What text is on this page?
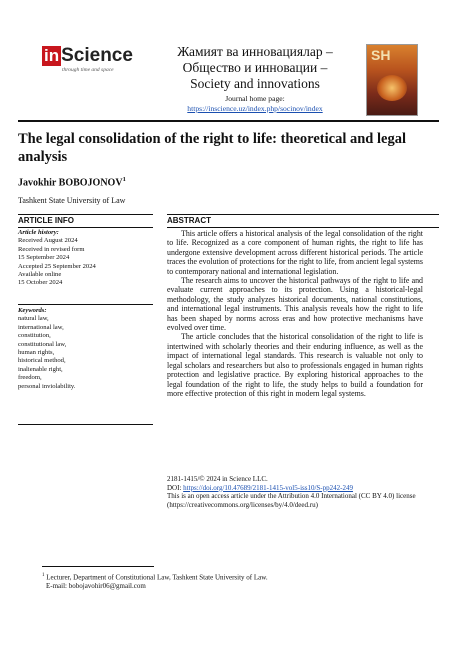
in Science
through time and space
Жамият ва инновациялар –
Общество и инновации –
Society and innovations
Journal home page:
https://inscience.uz/index.php/socinov/index
SH
The legal consolidation of the right to life: theoretical and legal analysis
Javokhir BOBOJONOV$^1$
Tashkent State University of Law
ARTICLE INFO	ABSTRACT
Article history:
Received August 2024
Received in revised form
15 September 2024
Accepted 25 September 2024
Available online
15 October 2024
Keywords:
natural law,
international law,
constitution,
constitutional law,
human rights,
historical method,
inalienable right,
freedom,
personal inviolability.

This article offers a historical analysis of the legal consolidation of the right to life. Recognized as a core component of human rights, the right to life has undergone extensive development across different historical periods. The article traces the evolution of protections for the right to life, from ancient legal systems to contemporary national and international legislation.

The research aims to uncover the historical pathways of the right to life and evaluate current approaches to its protection. Using a historical-legal methodology, the study analyzes historical documents, national constitutions, and international legal instruments. This analysis reveals how the right to life has been shaped by norms across eras and how protective mechanisms have evolved over time.

The article concludes that the historical consolidation of the right to life is intertwined with scholarly theories and their enduring influence, as well as the impact of international legal standards. This research is valuable not only to legal scholars and researchers but also to professionals engaged in human rights protection and legislative practice. By exploring historical approaches to the legal foundation of the right to life, the study helps to build a foundation for more effective protection of this right in modern legal systems.

2181-1415/© 2024 in Science LLC.
DOI: https://doi.org/10.47689/2181-1415-vol5-iss10/S-pp242-249
This is an open access article under the Attribution 4.0 International (CC BY 4.0) license (https://creativecommons.org/licenses/by/4.0/deed.ru)
$^1$ Lecturer, Department of Constitutional Law, Tashkent State University of Law.
E-mail: bobojavohir06@gmail.com
